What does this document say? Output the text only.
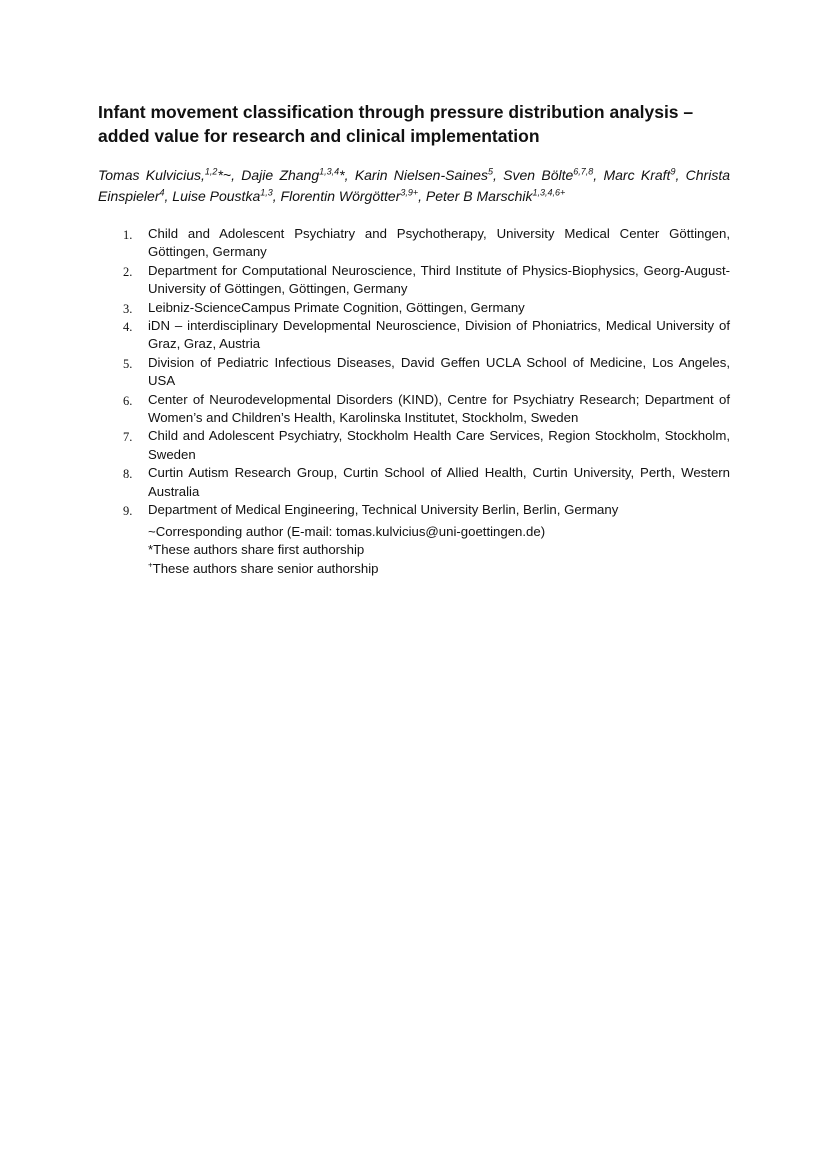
Infant movement classification through pressure distribution analysis – added value for research and clinical implementation

Tomas Kulvicius,$^{1,2}$*~, Dajie Zhang$^{1,3,4}$*, Karin Nielsen-Saines$^5$, Sven Bölte$^{6,7,8}$, Marc Kraft$^9$, Christa Einspieler$^4$, Luise Poustka$^{1,3}$, Florentin Wörgötter$^{3,9+}$, Peter B Marschik$^{1,3,4,6+}$

1. Child and Adolescent Psychiatry and Psychotherapy, University Medical Center Göttingen, Göttingen, Germany
2. Department for Computational Neuroscience, Third Institute of Physics-Biophysics, Georg-August-University of Göttingen, Göttingen, Germany
3. Leibniz-ScienceCampus Primate Cognition, Göttingen, Germany
4. iDN – interdisciplinary Developmental Neuroscience, Division of Phoniatrics, Medical University of Graz, Graz, Austria
5. Division of Pediatric Infectious Diseases, David Geffen UCLA School of Medicine, Los Angeles, USA
6. Center of Neurodevelopmental Disorders (KIND), Centre for Psychiatry Research; Department of Women’s and Children’s Health, Karolinska Institutet, Stockholm, Sweden
7. Child and Adolescent Psychiatry, Stockholm Health Care Services, Region Stockholm, Stockholm, Sweden
8. Curtin Autism Research Group, Curtin School of Allied Health, Curtin University, Perth, Western Australia
9. Department of Medical Engineering, Technical University Berlin, Berlin, Germany
~Corresponding author (E-mail: tomas.kulvicius@uni-goettingen.de)
*These authors share first authorship
+These authors share senior authorship
